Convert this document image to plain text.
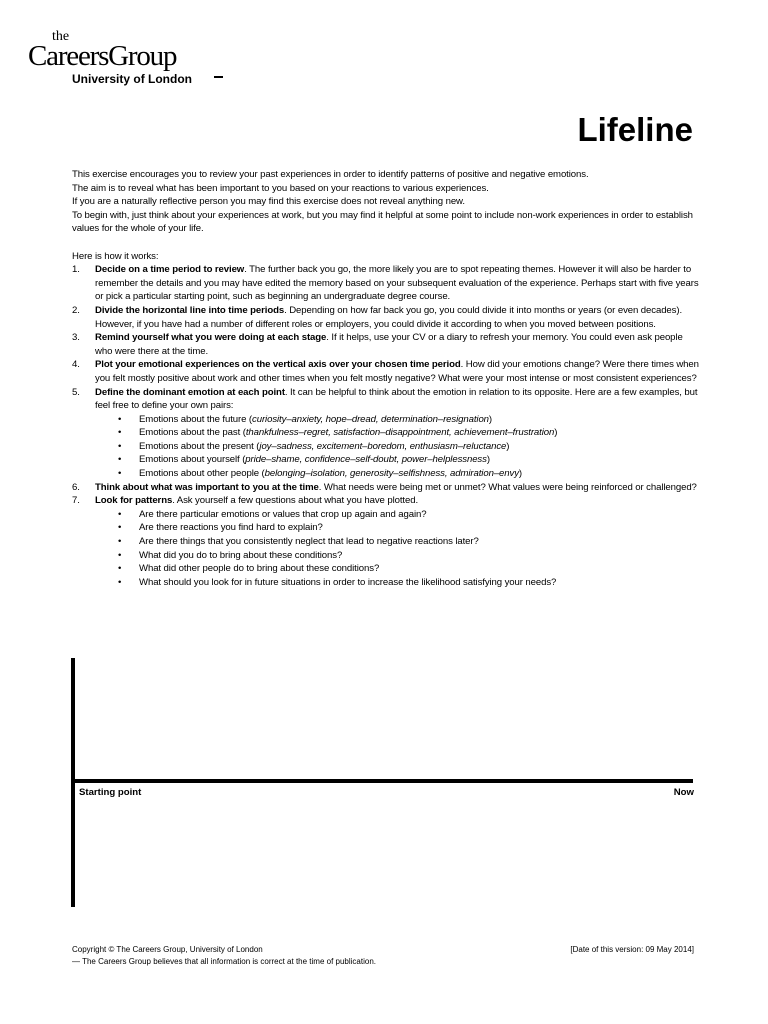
the
CareersGroup
University of London
Lifeline

This exercise encourages you to review your past experiences in order to identify patterns of positive and negative emotions.

The aim is to reveal what has been important to you based on your reactions to various experiences.

If you are a naturally reflective person you may find this exercise does not reveal anything new.

To begin with, just think about your experiences at work, but you may find it helpful at some point to include non-work experiences in order to establish values for the whole of your life.

Here is how it works:

1. Decide on a time period to review. The further back you go, the more likely you are to spot repeating themes. However it will also be harder to remember the details and you may have edited the memory based on your subsequent evaluation of the experience. Perhaps start with five years or pick a particular starting point, such as beginning an undergraduate degree course.
2. Divide the horizontal line into time periods. Depending on how far back you go, you could divide it into months or years (or even decades). However, if you have had a number of different roles or employers, you could divide it according to when you moved between positions.
3. Remind yourself what you were doing at each stage. If it helps, use your CV or a diary to refresh your memory. You could even ask people who were there at the time.
4. Plot your emotional experiences on the vertical axis over your chosen time period. How did your emotions change? Were there times when you felt mostly positive about work and other times when you felt mostly negative? What were your most intense or most consistent experiences?
5. Define the dominant emotion at each point. It can be helpful to think about the emotion in relation to its opposite. Here are a few examples, but feel free to define your own pairs:
• Emotions about the future (curiosity–anxiety, hope–dread, determination–resignation)
• Emotions about the past (thankfulness–regret, satisfaction–disappointment, achievement–frustration)
• Emotions about the present (joy–sadness, excitement–boredom, enthusiasm–reluctance)
• Emotions about yourself (pride–shame, confidence–self-doubt, power–helplessness)
• Emotions about other people (belonging–isolation, generosity–selfishness, admiration–envy)
6. Think about what was important to you at the time. What needs were being met or unmet? What values were being reinforced or challenged?
7. Look for patterns. Ask yourself a few questions about what you have plotted.
• Are there particular emotions or values that crop up again and again?
• Are there reactions you find hard to explain?
• Are there things that you consistently neglect that lead to negative reactions later?
• What did you do to bring about these conditions?
• What did other people do to bring about these conditions?
• What should you look for in future situations in order to increase the likelihood satisfying your needs?
Starting point	Now
Copyright © The Careers Group, University of London	[Date of this version: 09 May 2014]
— The Careers Group believes that all information is correct at the time of publication.
